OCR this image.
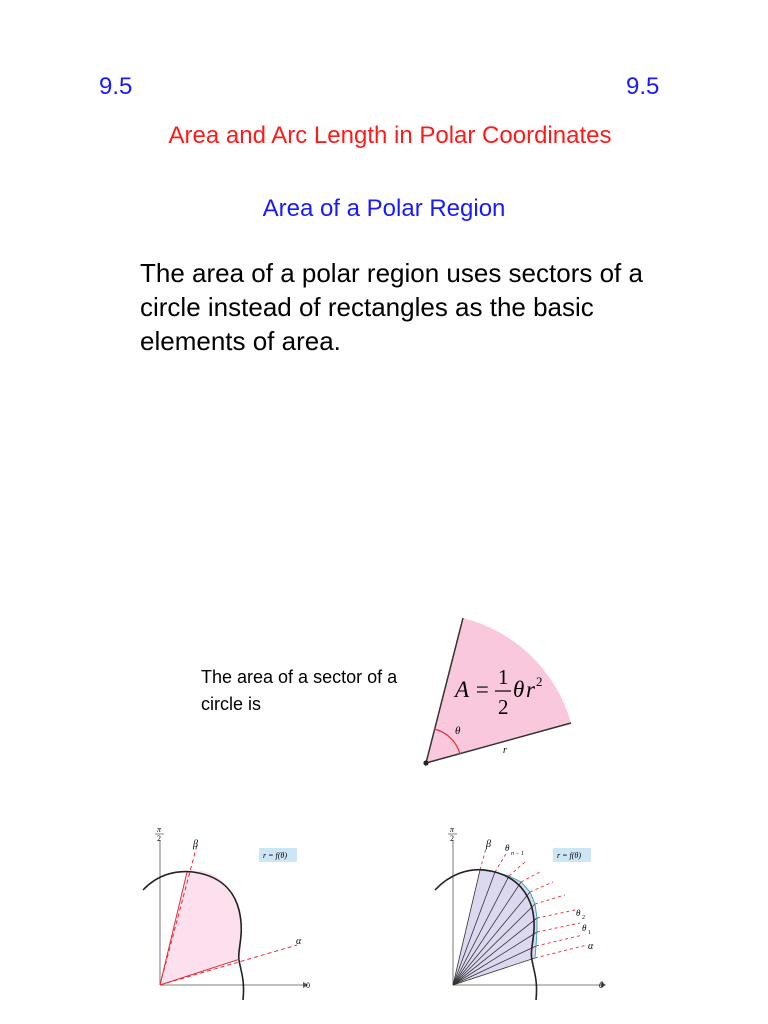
9.5	9.5
Area and Arc Length in Polar Coordinates
Area of a Polar Region
The area of a polar region uses sectors of a circle instead of rectangles as the basic elements of area.
The area of a sector of a circle is
A = 1
2
θ r 2
θ
r
π
2
0
β
α
r = f(θ)
π
2
0
β θ
n − 1
θ 2
θ 1
α
r = f(θ)
